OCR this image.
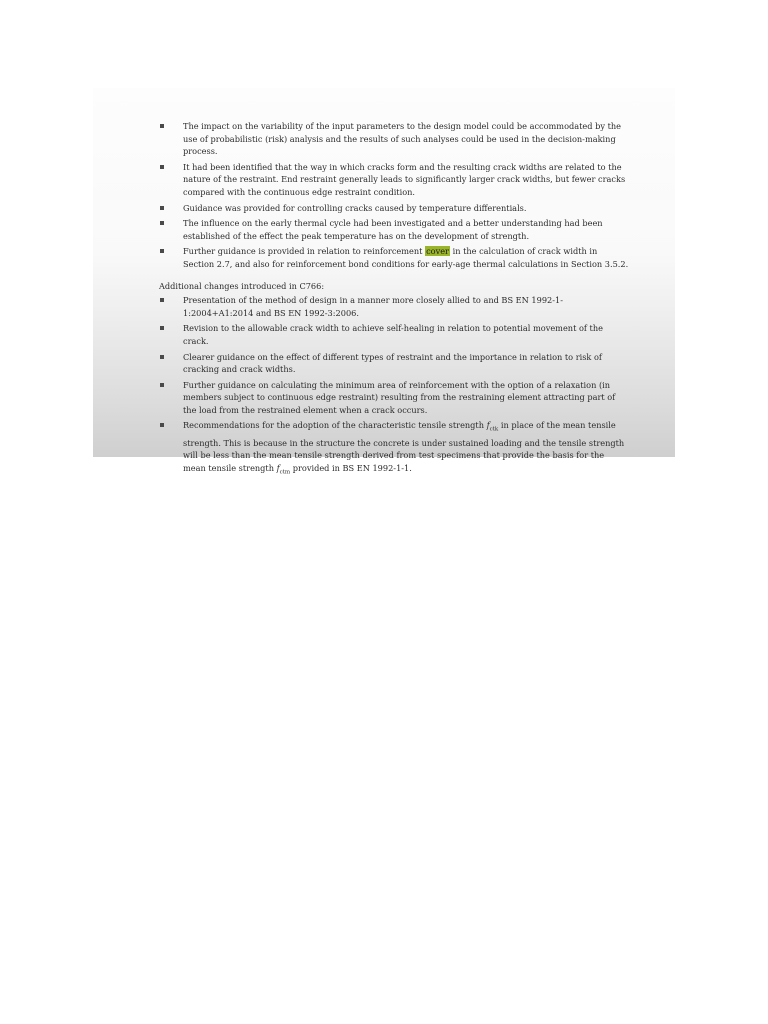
The impact on the variability of the input parameters to the design model could be accommodated by the use of probabilistic (risk) analysis and the results of such analyses could be used in the decision-making process.
It had been identified that the way in which cracks form and the resulting crack widths are related to the nature of the restraint. End restraint generally leads to significantly larger crack widths, but fewer cracks compared with the continuous edge restraint condition.
Guidance was provided for controlling cracks caused by temperature differentials.
The influence on the early thermal cycle had been investigated and a better understanding had been established of the effect the peak temperature has on the development of strength.
Further guidance is provided in relation to reinforcement cover in the calculation of crack width in Section 2.7, and also for reinforcement bond conditions for early-age thermal calculations in Section 3.5.2.
Additional changes introduced in C766:
Presentation of the method of design in a manner more closely allied to and BS EN 1992-1-1:2004+A1:2014 and BS EN 1992-3:2006.
Revision to the allowable crack width to achieve self-healing in relation to potential movement of the crack.
Clearer guidance on the effect of different types of restraint and the importance in relation to risk of cracking and crack widths.
Further guidance on calculating the minimum area of reinforcement with the option of a relaxation (in members subject to continuous edge restraint) resulting from the restraining element attracting part of the load from the restrained element when a crack occurs.
Recommendations for the adoption of the characteristic tensile strength $f_{ctk}$ in place of the mean tensile strength. This is because in the structure the concrete is under sustained loading and the tensile strength will be less than the mean tensile strength derived from test specimens that provide the basis for the mean tensile strength $f_{ctm}$ provided in BS EN 1992-1-1.
